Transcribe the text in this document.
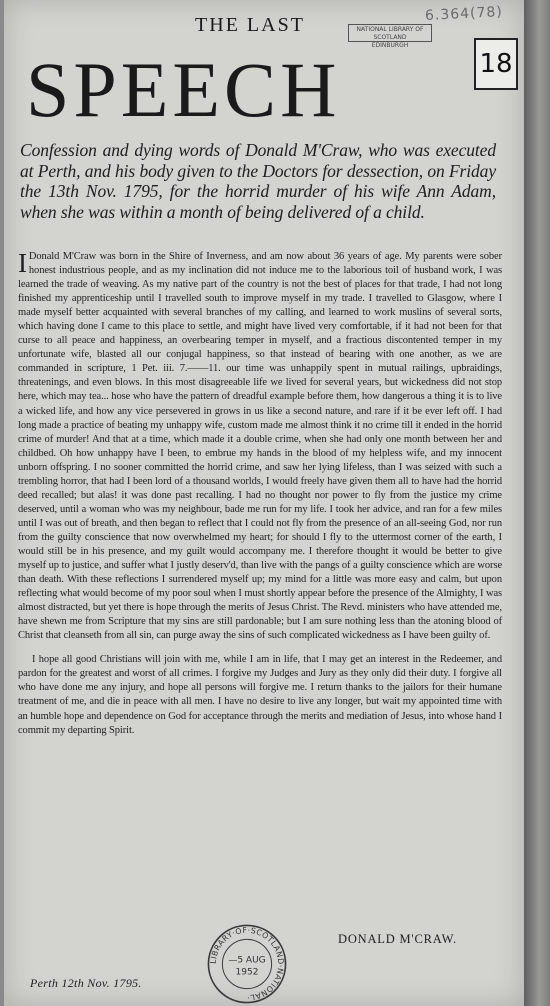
6.364(78)
NATIONAL LIBRARY OF SCOTLAND
EDINBURGH
18
THE LAST
SPEECH
Confession and dying words of Donald M'Craw, who was executed at Perth, and his body given to the Doctors for dessection, on Friday the 13th Nov. 1795, for the horrid murder of his wife Ann Adam, when she was within a month of being delivered of a child.

I Donald M'Craw was born in the Shire of Inverness, and am now about 36 years of age. My parents were sober honest industrious people, and as my inclination did not induce me to the laborious toil of husband work, I was learned the trade of weaving. As my native part of the country is not the best of places for that trade, I had not long finished my apprenticeship until I travelled south to improve myself in my trade. I travelled to Glasgow, where I made myself better acquainted with several branches of my calling, and learned to work muslins of several sorts, which having done I came to this place to settle, and might have lived very comfortable, if it had not been for that curse to all peace and happiness, an overbearing temper in myself, and a fractious discontented temper in my unfortunate wife, blasted all our conjugal happiness, so that instead of bearing with one another, as we are commanded in scripture, 1 Pet. iii. 7.——11. our time was unhappily spent in mutual railings, upbraidings, threatenings, and even blows. In this most disagreeable life we lived for several years, but wickedness did not stop here, which may tea... hose who have the pattern of dreadful example before them, how dangerous a thing it is to live a wicked life, and how any vice persevered in grows in us like a second nature, and rare if it be ever left off. I had long made a practice of beating my unhappy wife, custom made me almost think it no crime till it ended in the horrid crime of murder! And that at a time, which made it a double crime, when she had only one month between her and childbed. Oh how unhappy have I been, to embrue my hands in the blood of my helpless wife, and my innocent unborn offspring. I no sooner committed the horrid crime, and saw her lying lifeless, than I was seized with such a trembling horror, that had I been lord of a thousand worlds, I would freely have given them all to have had the horrid deed recalled; but alas! it was done past recalling. I had no thought nor power to fly from the justice my crime deserved, until a woman who was my neighbour, bade me run for my life. I took her advice, and ran for a few miles until I was out of breath, and then began to reflect that I could not fly from the presence of an all-seeing God, nor run from the guilty conscience that now overwhelmed my heart; for should I fly to the uttermost corner of the earth, I would still be in his presence, and my guilt would accompany me. I therefore thought it would be better to give myself up to justice, and suffer what I justly deserv'd, than live with the pangs of a guilty conscience which are worse than death. With these reflections I surrendered myself up; my mind for a little was more easy and calm, but upon reflecting what would become of my poor soul when I must shortly appear before the presence of the Almighty, I was almost distracted, but yet there is hope through the merits of Jesus Christ. The Revd. ministers who have attended me, have shewn me from Scripture that my sins are still pardonable; but I am sure nothing less than the atoning blood of Christ that cleanseth from all sin, can purge away the sins of such complicated wickedness as I have been guilty of.

I hope all good Christians will join with me, while I am in life, that I may get an interest in the Redeemer, and pardon for the greatest and worst of all crimes. I forgive my Judges and Jury as they only did their duty. I forgive all who have done me any injury, and hope all persons will forgive me. I return thanks to the jailors for their humane treatment of me, and die in peace with all men. I have no desire to live any longer, but wait my appointed time with an humble hope and dependence on God for acceptance through the merits and mediation of Jesus, into whose hand I commit my departing Spirit.

DONALD M'CRAW.
Perth 12th Nov. 1795.
LIBRARY·OF·SCOTLAND·NATIONAL·
—5 AUG
1952
